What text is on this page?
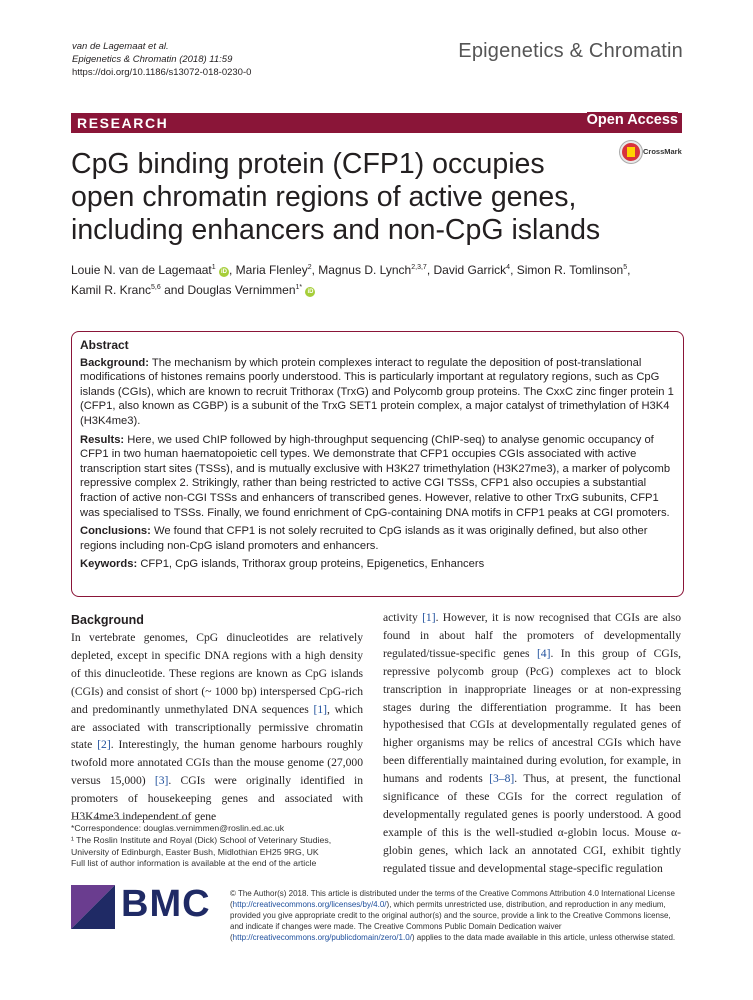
van de Lagemaat et al.
Epigenetics & Chromatin (2018) 11:59
https://doi.org/10.1186/s13072-018-0230-0
Epigenetics & Chromatin
RESEARCH	Open Access
CpG binding protein (CFP1) occupies
open chromatin regions of active genes,
including enhancers and non-CpG islands
CrossMark
Louie N. van de Lagemaat$^1$ iD , Maria Flenley$^2$, Magnus D. Lynch$^{2,3,7}$, David Garrick$^4$, Simon R. Tomlinson$^5$,
Kamil R. Kranc$^{5,6}$ and Douglas Vernimmen$^{1*}$ iD
Abstract

Background: The mechanism by which protein complexes interact to regulate the deposition of post-translational modifications of histones remains poorly understood. This is particularly important at regulatory regions, such as CpG islands (CGIs), which are known to recruit Trithorax (TrxG) and Polycomb group proteins. The CxxC zinc finger protein 1 (CFP1, also known as CGBP) is a subunit of the TrxG SET1 protein complex, a major catalyst of trimethylation of H3K4 (H3K4me3).

Results: Here, we used ChIP followed by high-throughput sequencing (ChIP-seq) to analyse genomic occupancy of CFP1 in two human haematopoietic cell types. We demonstrate that CFP1 occupies CGIs associated with active transcription start sites (TSSs), and is mutually exclusive with H3K27 trimethylation (H3K27me3), a marker of polycomb repressive complex 2. Strikingly, rather than being restricted to active CGI TSSs, CFP1 also occupies a substantial fraction of active non-CGI TSSs and enhancers of transcribed genes. However, relative to other TrxG subunits, CFP1 was specialised to TSSs. Finally, we found enrichment of CpG-containing DNA motifs in CFP1 peaks at CGI promoters.

Conclusions: We found that CFP1 is not solely recruited to CpG islands as it was originally defined, but also other regions including non-CpG island promoters and enhancers.

Keywords: CFP1, CpG islands, Trithorax group proteins, Epigenetics, Enhancers

Background

In vertebrate genomes, CpG dinucleotides are relatively depleted, except in specific DNA regions with a high density of this dinucleotide. These regions are known as CpG islands (CGIs) and consist of short (~ 1000 bp) interspersed CpG-rich and predominantly unmethylated DNA sequences [1], which are associated with transcriptionally permissive chromatin state [2]. Interestingly, the human genome harbours roughly twofold more annotated CGIs than the mouse genome (27,000 versus 15,000) [3]. CGIs were originally identified in promoters of housekeeping genes and associated with H3K4me3 independent of gene

activity [1]. However, it is now recognised that CGIs are also found in about half the promoters of developmentally regulated/tissue-specific genes [4]. In this group of CGIs, repressive polycomb group (PcG) complexes act to block transcription in inappropriate lineages or at non-expressing stages during the differentiation programme. It has been hypothesised that CGIs at developmentally regulated genes of higher organisms may be relics of ancestral CGIs which have been differentially maintained during evolution, for example, in humans and rodents [3–8]. Thus, at present, the functional significance of these CGIs for the correct regulation of developmentally regulated genes is poorly understood. A good example of this is the well-studied α-globin locus. Mouse α-globin genes, which lack an annotated CGI, exhibit tightly regulated tissue and developmental stage-specific regulation

*Correspondence: douglas.vernimmen@roslin.ed.ac.uk
¹ The Roslin Institute and Royal (Dick) School of Veterinary Studies, University of Edinburgh, Easter Bush, Midlothian EH25 9RG, UK
Full list of author information is available at the end of the article
BMC © The Author(s) 2018. This article is distributed under the terms of the Creative Commons Attribution 4.0 International License (http://creativecommons.org/licenses/by/4.0/), which permits unrestricted use, distribution, and reproduction in any medium, provided you give appropriate credit to the original author(s) and the source, provide a link to the Creative Commons license, and indicate if changes were made. The Creative Commons Public Domain Dedication waiver (http://creativecommons.org/publicdomain/zero/1.0/) applies to the data made available in this article, unless otherwise stated.
